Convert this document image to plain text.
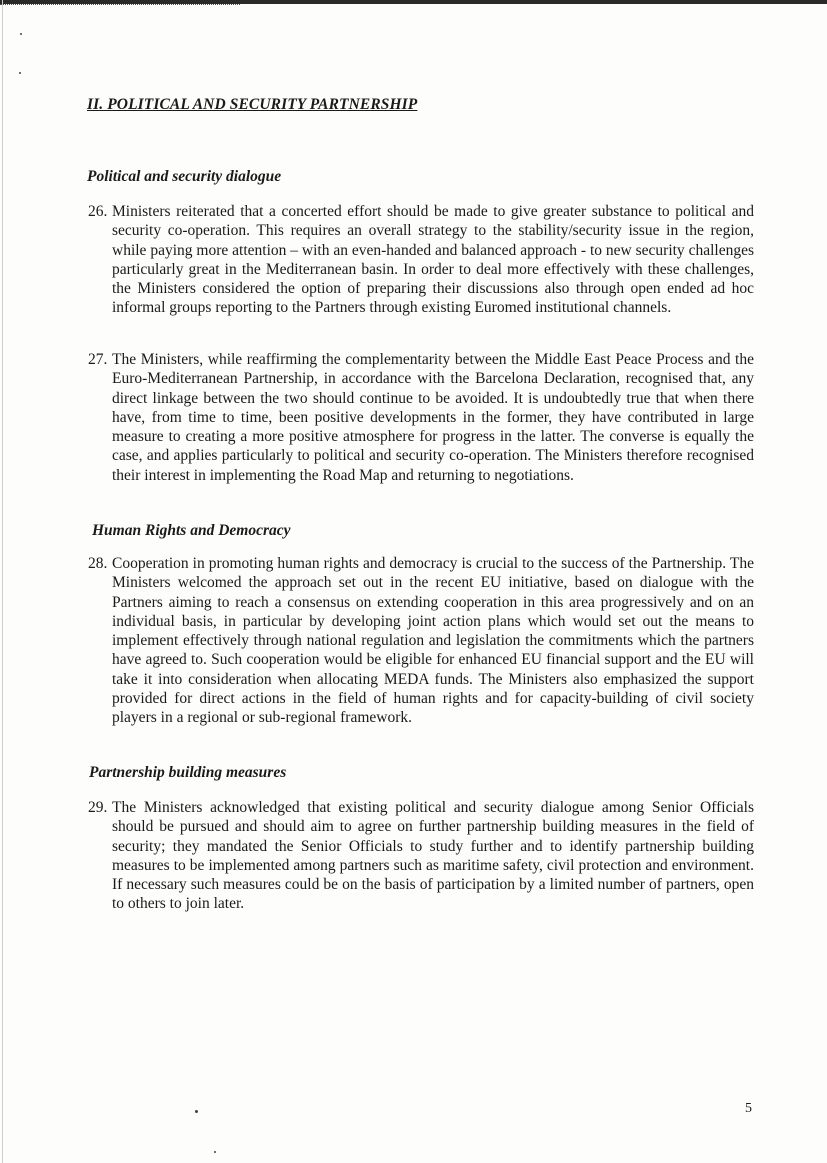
II. POLITICAL AND SECURITY PARTNERSHIP
Political and security dialogue

26. Ministers reiterated that a concerted effort should be made to give greater substance to political and security co-operation. This requires an overall strategy to the stability/security issue in the region, while paying more attention – with an even-handed and balanced approach - to new security challenges particularly great in the Mediterranean basin. In order to deal more effectively with these challenges, the Ministers considered the option of preparing their discussions also through open ended ad hoc informal groups reporting to the Partners through existing Euromed institutional channels.

27. The Ministers, while reaffirming the complementarity between the Middle East Peace Process and the Euro-Mediterranean Partnership, in accordance with the Barcelona Declaration, recognised that, any direct linkage between the two should continue to be avoided. It is undoubtedly true that when there have, from time to time, been positive developments in the former, they have contributed in large measure to creating a more positive atmosphere for progress in the latter. The converse is equally the case, and applies particularly to political and security co-operation. The Ministers therefore recognised their interest in implementing the Road Map and returning to negotiations.

Human Rights and Democracy

28. Cooperation in promoting human rights and democracy is crucial to the success of the Partnership. The Ministers welcomed the approach set out in the recent EU initiative, based on dialogue with the Partners aiming to reach a consensus on extending cooperation in this area progressively and on an individual basis, in particular by developing joint action plans which would set out the means to implement effectively through national regulation and legislation the commitments which the partners have agreed to. Such cooperation would be eligible for enhanced EU financial support and the EU will take it into consideration when allocating MEDA funds. The Ministers also emphasized the support provided for direct actions in the field of human rights and for capacity-building of civil society players in a regional or sub-regional framework.

Partnership building measures

29. The Ministers acknowledged that existing political and security dialogue among Senior Officials should be pursued and should aim to agree on further partnership building measures in the field of security; they mandated the Senior Officials to study further and to identify partnership building measures to be implemented among partners such as maritime safety, civil protection and environment. If necessary such measures could be on the basis of participation by a limited number of partners, open to others to join later.

5
